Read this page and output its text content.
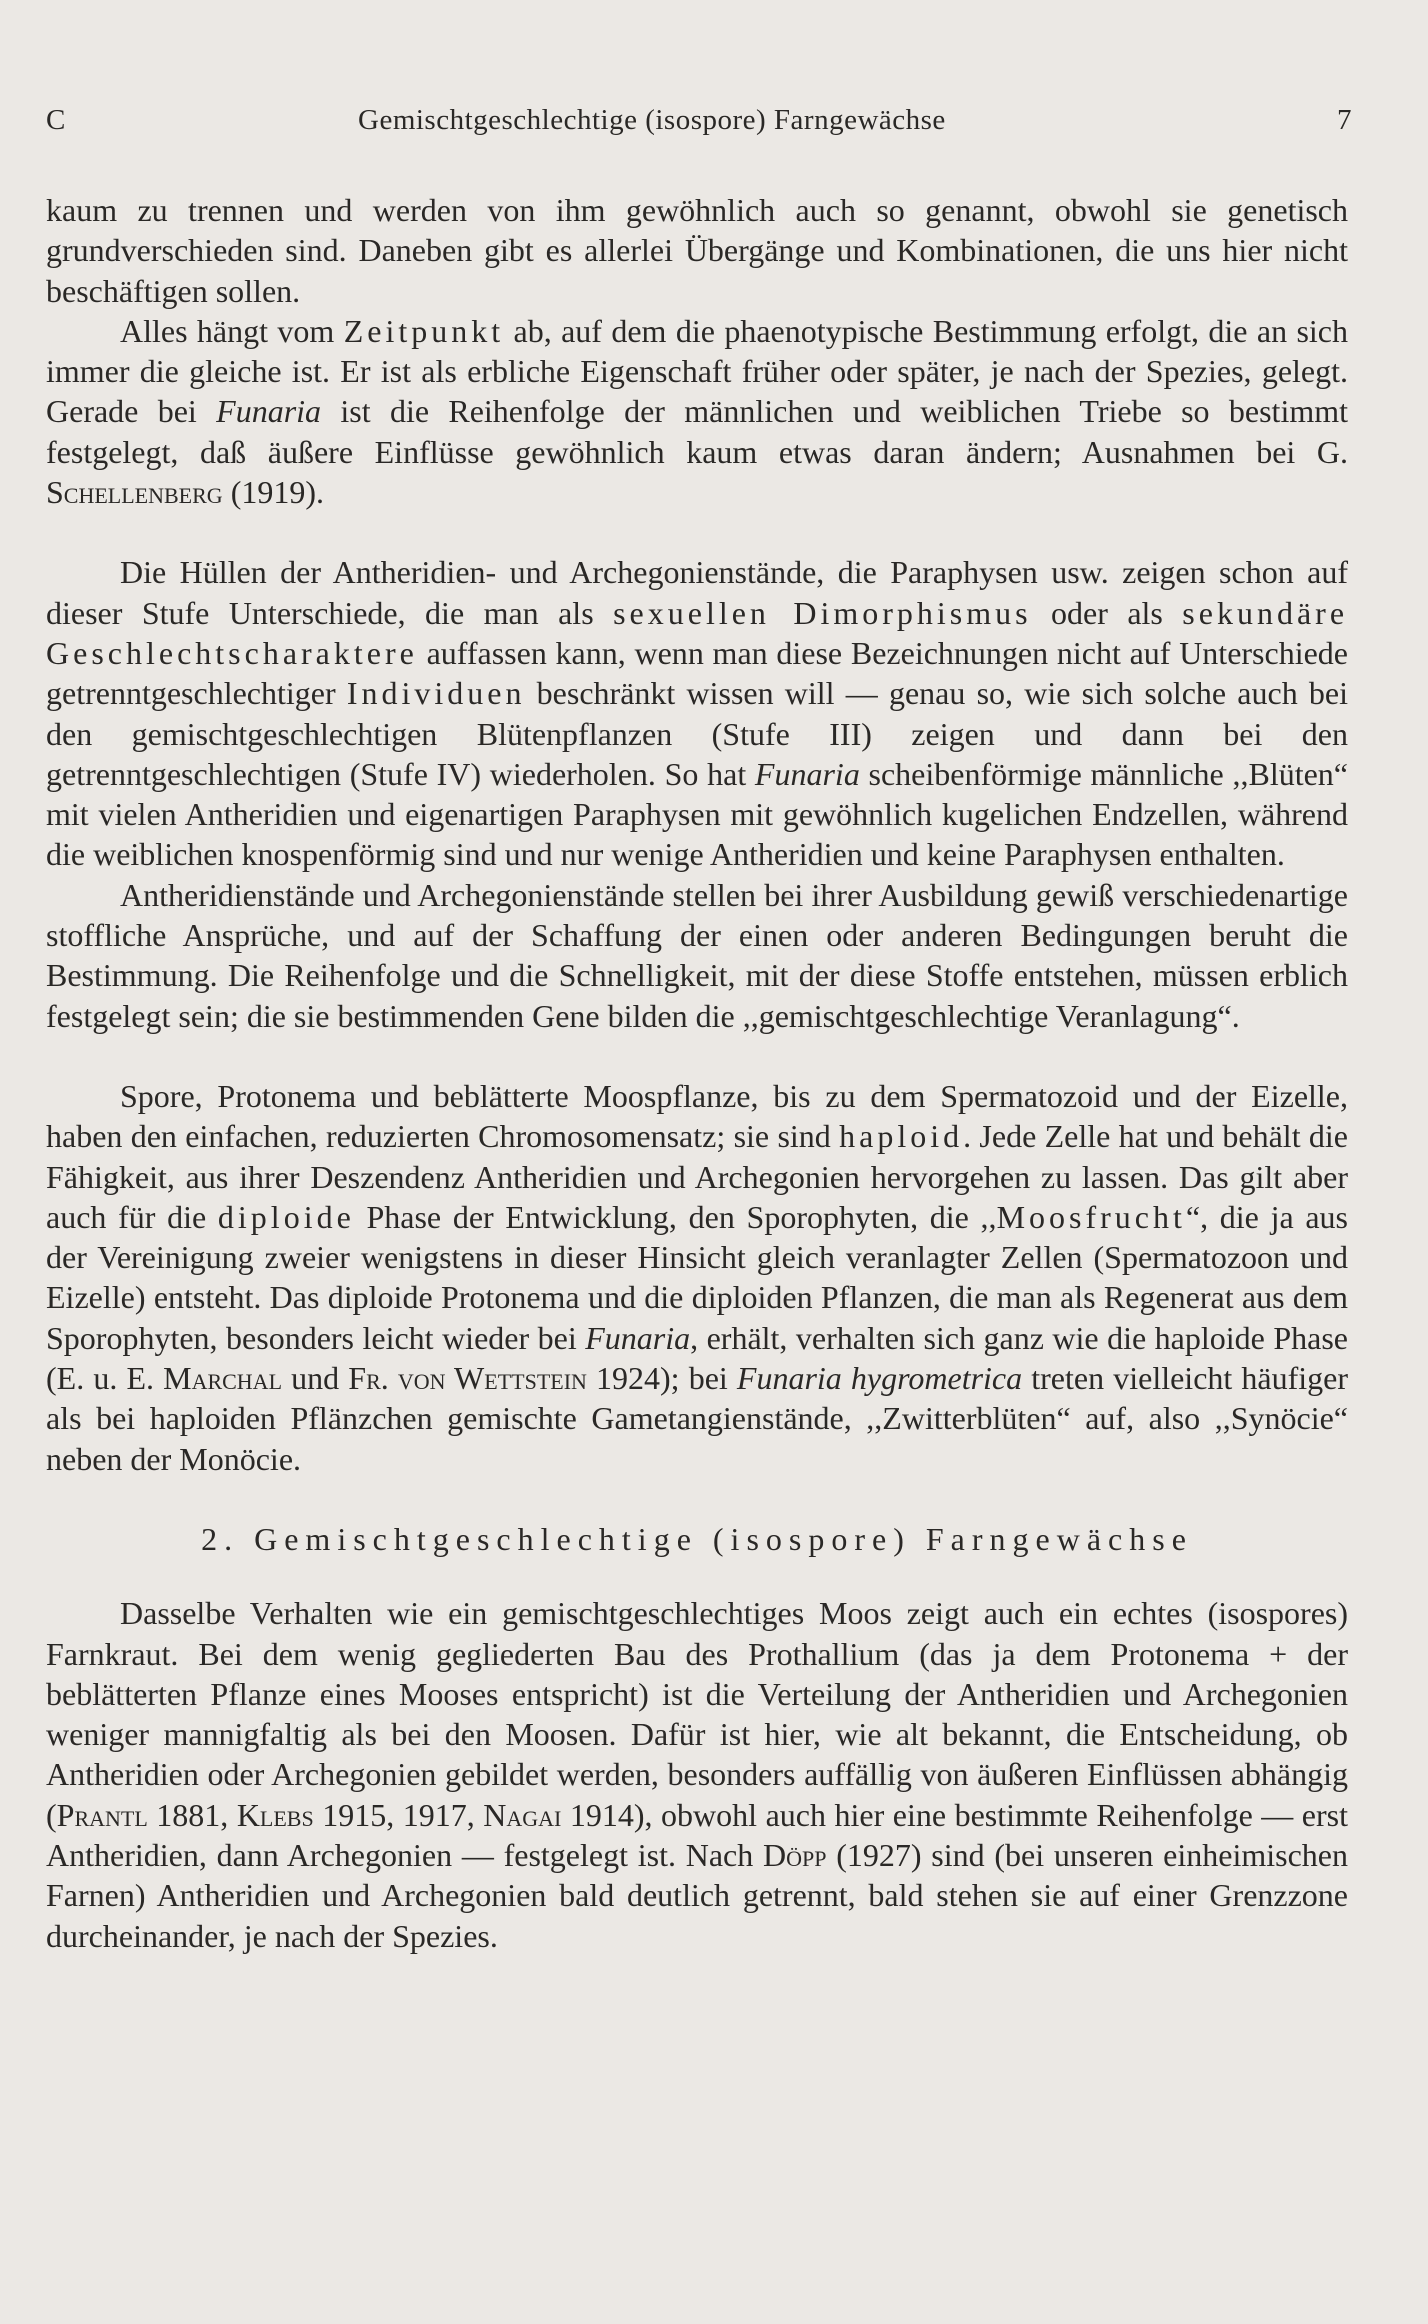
C	Gemischtgeschlechtige (isospore) Farngewächse	7

kaum zu trennen und werden von ihm gewöhnlich auch so genannt, obwohl sie genetisch grundverschieden sind. Daneben gibt es allerlei Übergänge und Kombinationen, die uns hier nicht beschäftigen sollen.

Alles hängt vom Zeitpunkt ab, auf dem die phaenotypische Bestimmung erfolgt, die an sich immer die gleiche ist. Er ist als erbliche Eigenschaft früher oder später, je nach der Spezies, gelegt. Gerade bei Funaria ist die Reihenfolge der männlichen und weiblichen Triebe so bestimmt festgelegt, daß äußere Einflüsse gewöhnlich kaum etwas daran ändern; Ausnahmen bei G. Schellenberg (1919).

Die Hüllen der Antheridien- und Archegonienstände, die Paraphysen usw. zeigen schon auf dieser Stufe Unterschiede, die man als sexuellen Dimorphismus oder als sekundäre Geschlechtscharaktere auffassen kann, wenn man diese Bezeichnungen nicht auf Unterschiede getrenntgeschlechtiger Individuen beschränkt wissen will — genau so, wie sich solche auch bei den gemischtgeschlechtigen Blütenpflanzen (Stufe III) zeigen und dann bei den getrenntgeschlechtigen (Stufe IV) wiederholen. So hat Funaria scheibenförmige männliche ,,Blüten“ mit vielen Antheridien und eigenartigen Paraphysen mit gewöhnlich kugelichen Endzellen, während die weiblichen knospenförmig sind und nur wenige Antheridien und keine Paraphysen enthalten.

Antheridienstände und Archegonienstände stellen bei ihrer Ausbildung gewiß verschiedenartige stoffliche Ansprüche, und auf der Schaffung der einen oder anderen Bedingungen beruht die Bestimmung. Die Reihenfolge und die Schnelligkeit, mit der diese Stoffe entstehen, müssen erblich festgelegt sein; die sie bestimmenden Gene bilden die ,,gemischtgeschlechtige Veranlagung“.

Spore, Protonema und beblätterte Moospflanze, bis zu dem Spermatozoid und der Eizelle, haben den einfachen, reduzierten Chromosomensatz; sie sind haploid. Jede Zelle hat und behält die Fähigkeit, aus ihrer Deszendenz Antheridien und Archegonien hervorgehen zu lassen. Das gilt aber auch für die diploide Phase der Entwicklung, den Sporophyten, die ,,Moosfrucht“, die ja aus der Vereinigung zweier wenigstens in dieser Hinsicht gleich veranlagter Zellen (Spermatozoon und Eizelle) entsteht. Das diploide Protonema und die diploiden Pflanzen, die man als Regenerat aus dem Sporophyten, besonders leicht wieder bei Funaria, erhält, verhalten sich ganz wie die haploide Phase (E. u. E. Marchal und Fr. von Wettstein 1924); bei Funaria hygrometrica treten vielleicht häufiger als bei haploiden Pflänzchen gemischte Gametangienstände, ,,Zwitterblüten“ auf, also ,,Synöcie“ neben der Monöcie.

2. Gemischtgeschlechtige (isospore) Farngewächse

Dasselbe Verhalten wie ein gemischtgeschlechtiges Moos zeigt auch ein echtes (isospores) Farnkraut. Bei dem wenig gegliederten Bau des Prothallium (das ja dem Protonema + der beblätterten Pflanze eines Mooses entspricht) ist die Verteilung der Antheridien und Archegonien weniger mannigfaltig als bei den Moosen. Dafür ist hier, wie alt bekannt, die Entscheidung, ob Antheridien oder Archegonien gebildet werden, besonders auffällig von äußeren Einflüssen abhängig (Prantl 1881, Klebs 1915, 1917, Nagai 1914), obwohl auch hier eine bestimmte Reihenfolge — erst Antheridien, dann Archegonien — festgelegt ist. Nach Döpp (1927) sind (bei unseren einheimischen Farnen) Antheridien und Archegonien bald deutlich getrennt, bald stehen sie auf einer Grenzzone durcheinander, je nach der Spezies.
